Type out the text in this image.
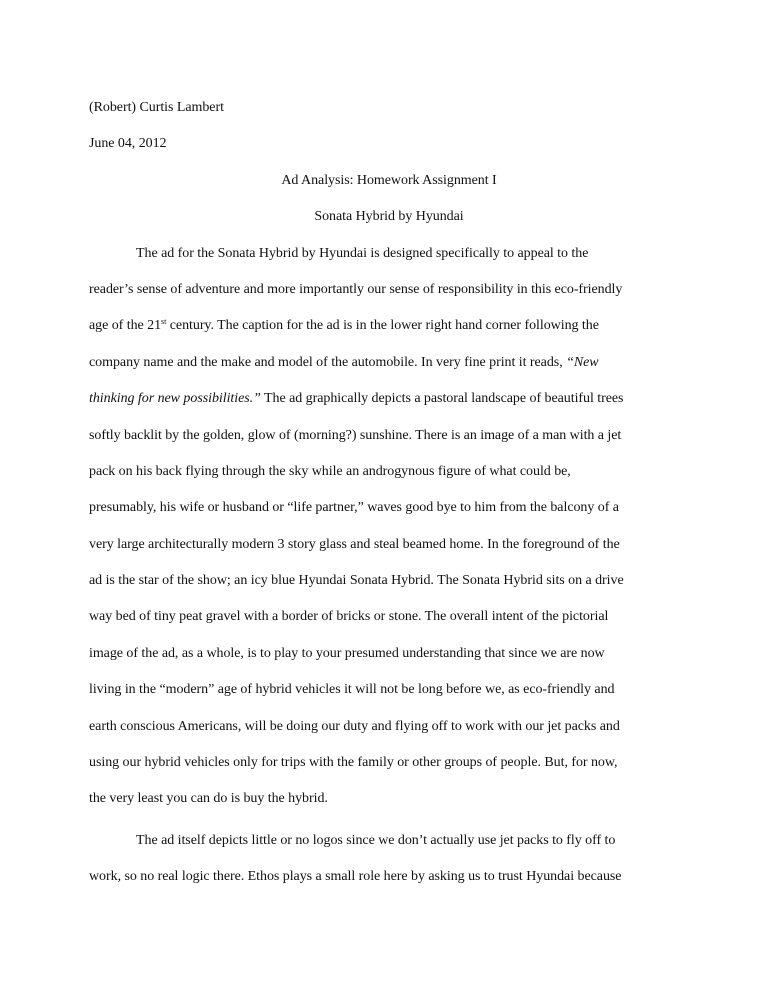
(Robert) Curtis Lambert
June 04, 2012
Ad Analysis: Homework Assignment I
Sonata Hybrid by Hyundai
The ad for the Sonata Hybrid by Hyundai is designed specifically to appeal to the
reader’s sense of adventure and more importantly our sense of responsibility in this eco-friendly
age of the 21st century. The caption for the ad is in the lower right hand corner following the
company name and the make and model of the automobile. In very fine print it reads, “New
thinking for new possibilities.” The ad graphically depicts a pastoral landscape of beautiful trees
softly backlit by the golden, glow of (morning?) sunshine. There is an image of a man with a jet
pack on his back flying through the sky while an androgynous figure of what could be,
presumably, his wife or husband or “life partner,” waves good bye to him from the balcony of a
very large architecturally modern 3 story glass and steal beamed home. In the foreground of the
ad is the star of the show; an icy blue Hyundai Sonata Hybrid. The Sonata Hybrid sits on a drive
way bed of tiny peat gravel with a border of bricks or stone. The overall intent of the pictorial
image of the ad, as a whole, is to play to your presumed understanding that since we are now
living in the “modern” age of hybrid vehicles it will not be long before we, as eco-friendly and
earth conscious Americans, will be doing our duty and flying off to work with our jet packs and
using our hybrid vehicles only for trips with the family or other groups of people. But, for now,
the very least you can do is buy the hybrid.
The ad itself depicts little or no logos since we don’t actually use jet packs to fly off to
work, so no real logic there. Ethos plays a small role here by asking us to trust Hyundai because
